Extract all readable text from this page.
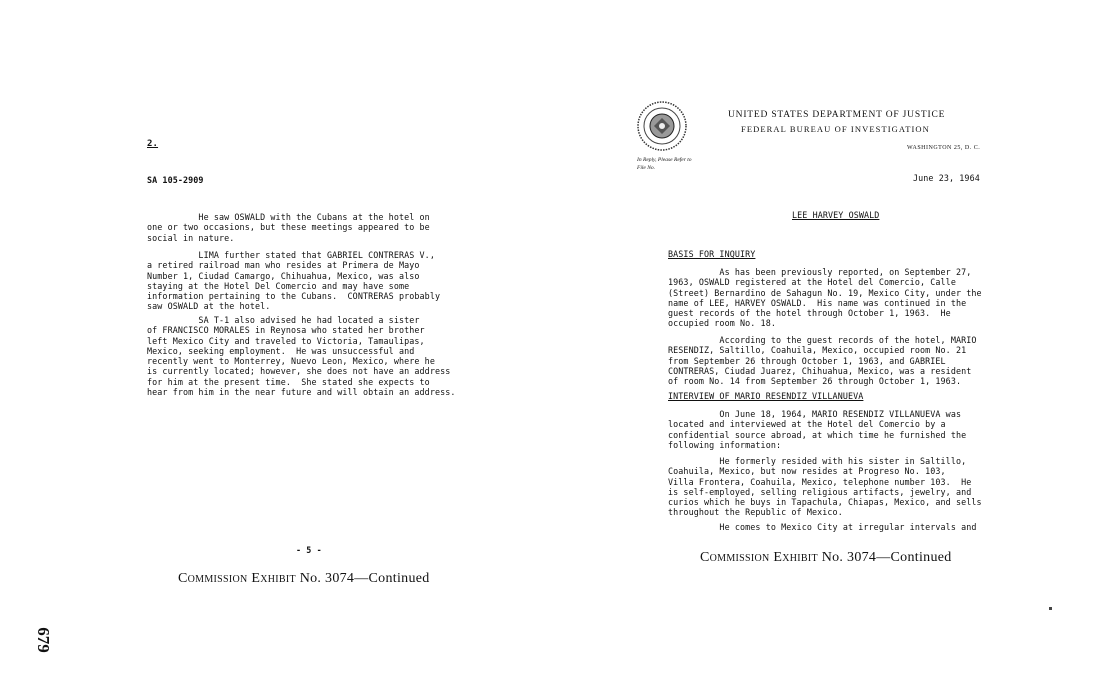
2.
SA 105-2909

He saw OSWALD with the Cubans at the hotel on
one or two occasions, but these meetings appeared to be
social in nature.

LIMA further stated that GABRIEL CONTRERAS V.,
a retired railroad man who resides at Primera de Mayo
Number 1, Ciudad Camargo, Chihuahua, Mexico, was also
staying at the Hotel Del Comercio and may have some
information pertaining to the Cubans.  CONTRERAS probably
saw OSWALD at the hotel.

SA T-1 also advised he had located a sister
of FRANCISCO MORALES in Reynosa who stated her brother
left Mexico City and traveled to Victoria, Tamaulipas,
Mexico, seeking employment.  He was unsuccessful and
recently went to Monterrey, Nuevo Leon, Mexico, where he
is currently located; however, she does not have an address
for him at the present time.  She stated she expects to
hear from him in the near future and will obtain an address.

- 5 -
Commission Exhibit No. 3074—Continued
679
UNITED STATES DEPARTMENT OF JUSTICE
FEDERAL BUREAU OF INVESTIGATION
WASHINGTON 25, D. C.
In Reply, Please Refer to
File No.
June 23, 1964
LEE HARVEY OSWALD
BASIS FOR INQUIRY

As has been previously reported, on September 27,
1963, OSWALD registered at the Hotel del Comercio, Calle
(Street) Bernardino de Sahagun No. 19, Mexico City, under the
name of LEE, HARVEY OSWALD.  His name was continued in the
guest records of the hotel through October 1, 1963.  He
occupied room No. 18.

According to the guest records of the hotel, MARIO
RESENDIZ, Saltillo, Coahuila, Mexico, occupied room No. 21
from September 26 through October 1, 1963, and GABRIEL
CONTRERAS, Ciudad Juarez, Chihuahua, Mexico, was a resident
of room No. 14 from September 26 through October 1, 1963.

INTERVIEW OF MARIO RESENDIZ VILLANUEVA

On June 18, 1964, MARIO RESENDIZ VILLANUEVA was
located and interviewed at the Hotel del Comercio by a
confidential source abroad, at which time he furnished the
following information:

He formerly resided with his sister in Saltillo,
Coahuila, Mexico, but now resides at Progreso No. 103,
Villa Frontera, Coahuila, Mexico, telephone number 103.  He
is self-employed, selling religious artifacts, jewelry, and
curios which he buys in Tapachula, Chiapas, Mexico, and sells
throughout the Republic of Mexico.

He comes to Mexico City at irregular intervals and

Commission Exhibit No. 3074—Continued
